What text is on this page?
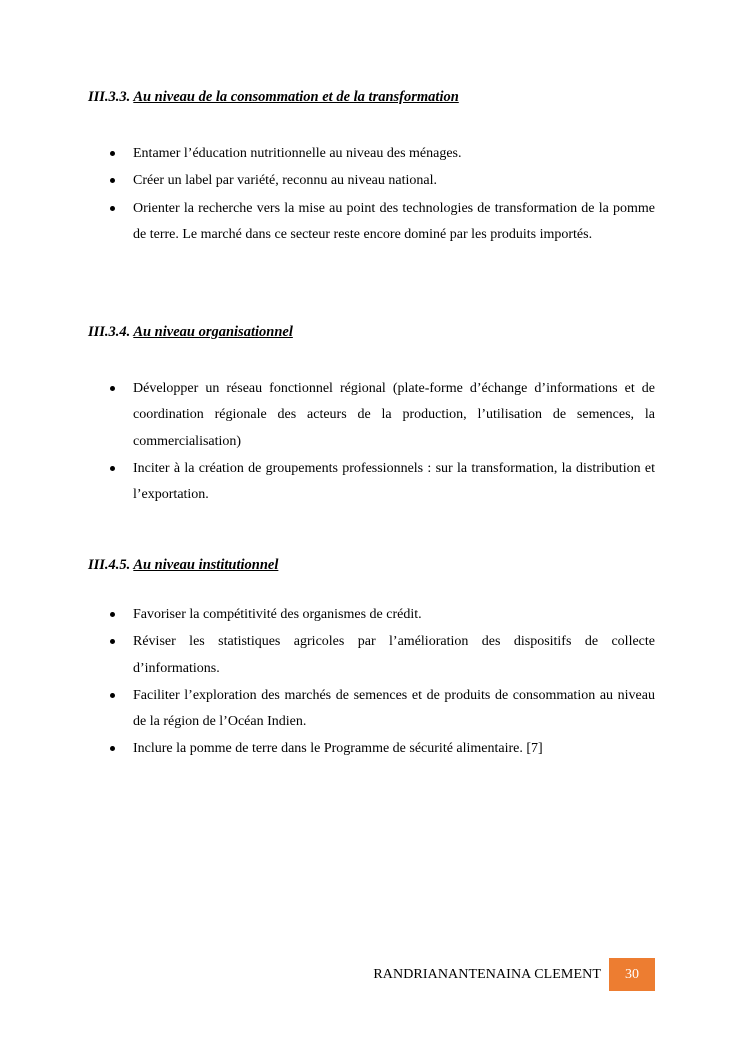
III.3.3. Au niveau de la consommation et de la transformation
Entamer l’éducation nutritionnelle au niveau des ménages.
Créer un label par variété, reconnu au niveau national.
Orienter la recherche vers la mise au point des technologies de transformation de la pomme de terre. Le marché dans ce secteur reste encore dominé par les produits importés.
III.3.4. Au niveau organisationnel
Développer un réseau fonctionnel régional (plate-forme d’échange d’informations et de coordination régionale des acteurs de la production, l’utilisation de semences, la commercialisation)
Inciter à la création de groupements professionnels : sur la transformation, la distribution et l’exportation.
III.4.5. Au niveau institutionnel
Favoriser la compétitivité des organismes de crédit.
Réviser les statistiques agricoles par l’amélioration des dispositifs de collecte d’informations.
Faciliter l’exploration des marchés de semences et de produits de consommation au niveau de la région de l’Océan Indien.
Inclure la pomme de terre dans le Programme de sécurité alimentaire. [7]
RANDRIANANTENAINA CLEMENT	30
